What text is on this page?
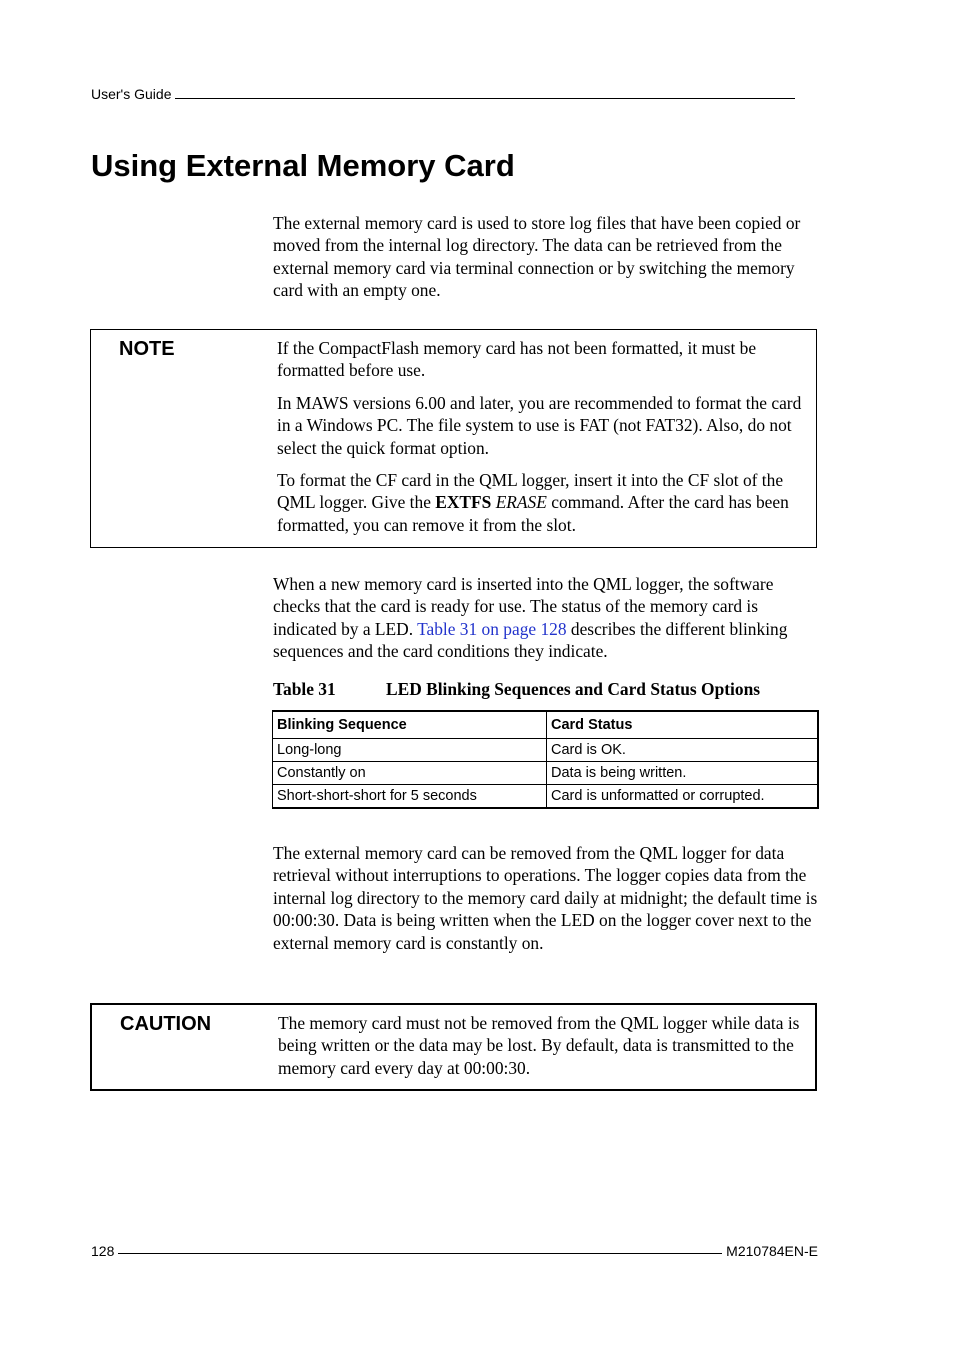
User's Guide
Using External Memory Card

The external memory card is used to store log files that have been copied or moved from the internal log directory. The data can be retrieved from the external memory card via terminal connection or by switching the memory card with an empty one.

NOTE	If the CompactFlash memory card has not been formatted, it must be formatted before use.

In MAWS versions 6.00 and later, you are recommended to format the card in a Windows PC. The file system to use is FAT (not FAT32). Also, do not select the quick format option.

To format the CF card in the QML logger, insert it into the CF slot of the QML logger. Give the EXTFS ERASE command. After the card has been formatted, you can remove it from the slot.

When a new memory card is inserted into the QML logger, the software checks that the card is ready for use. The status of the memory card is indicated by a LED. Table 31 on page 128 describes the different blinking sequences and the card conditions they indicate.

Table 31	LED Blinking Sequences and Card Status Options
Blinking Sequence	Card Status
Long-long	Card is OK.
Constantly on	Data is being written.
Short-short-short for 5 seconds	Card is unformatted or corrupted.

The external memory card can be removed from the QML logger for data retrieval without interruptions to operations. The logger copies data from the internal log directory to the memory card daily at midnight; the default time is 00:00:30. Data is being written when the LED on the logger cover next to the external memory card is constantly on.

CAUTION	The memory card must not be removed from the QML logger while data is being written or the data may be lost. By default, data is transmitted to the memory card every day at 00:00:30.

128	M210784EN-E
